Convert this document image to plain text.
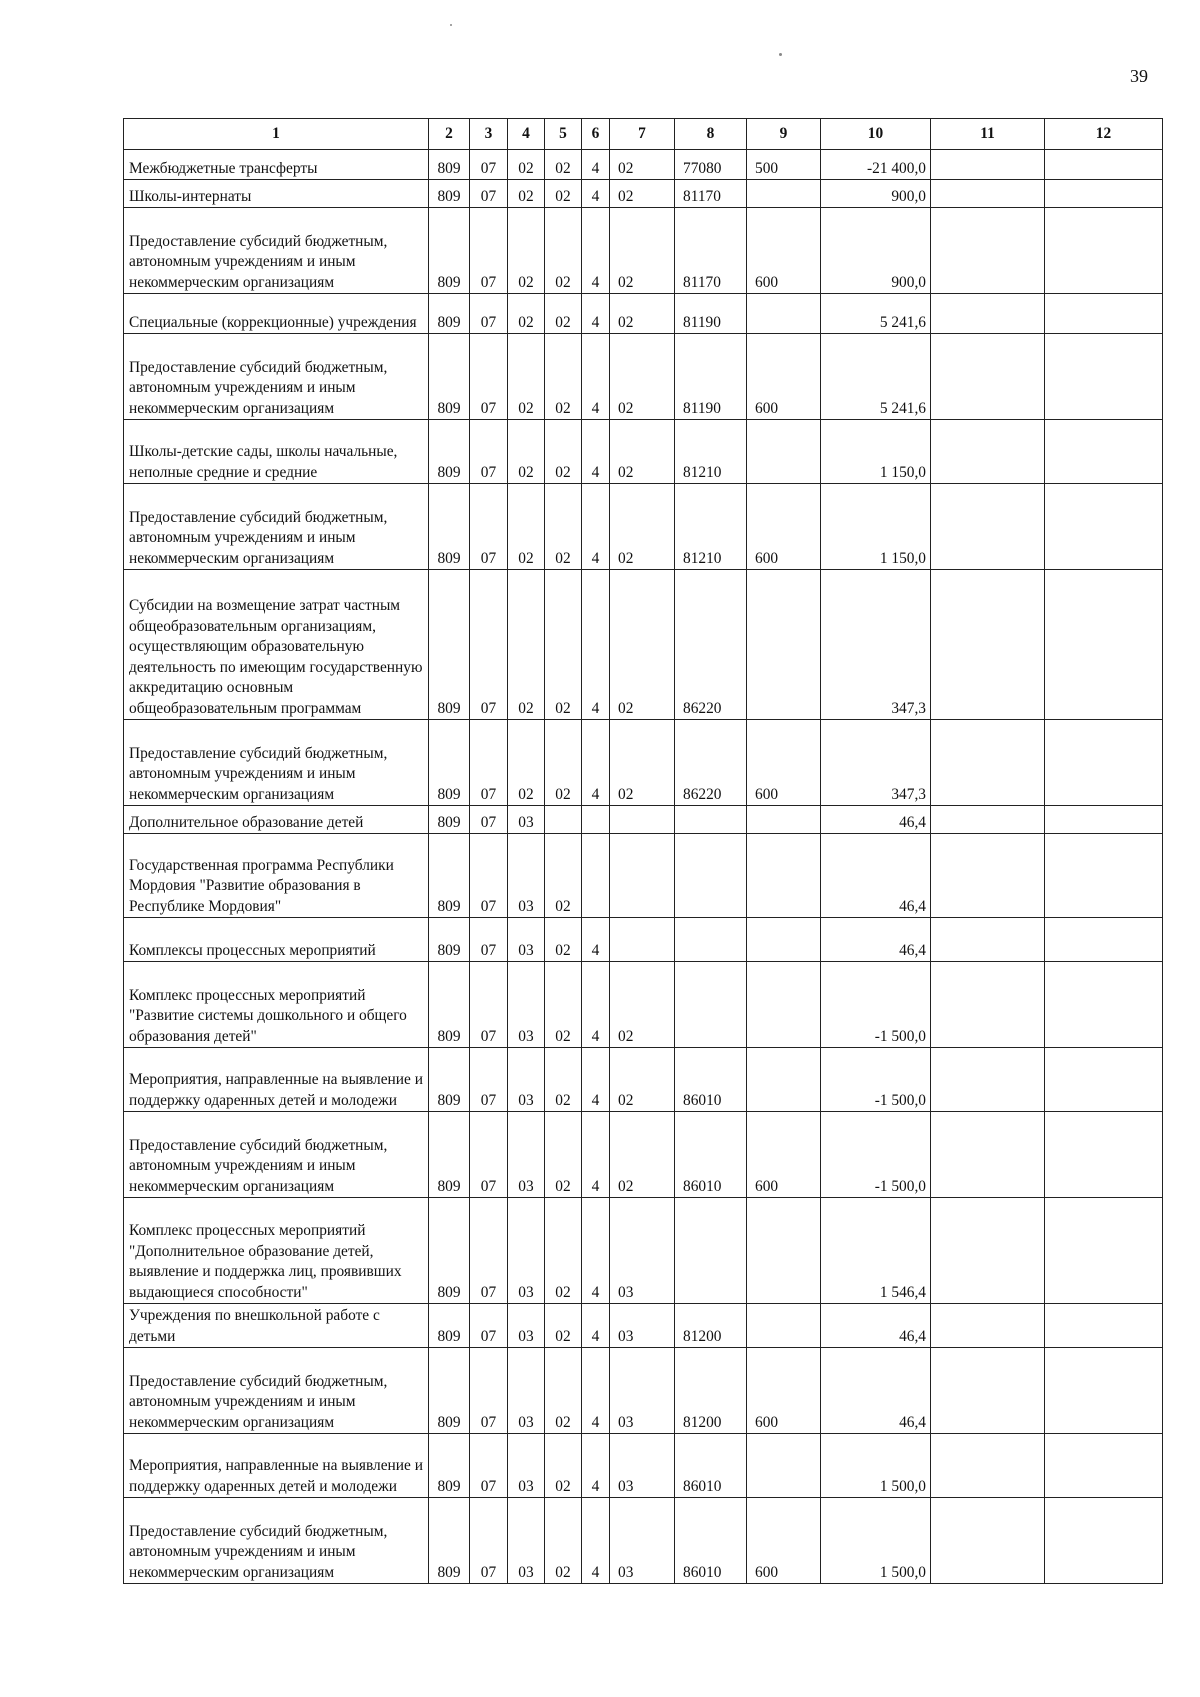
39
1	2	3	4	5	6	7	8	9	10	11	12
Межбюджетные трансферты	809	07	02	02	4	02	77080	500	-21 400,0		
Школы-интернаты	809	07	02	02	4	02	81170		900,0		
Предоставление субсидий бюджетным, автономным учреждениям и иным некоммерческим организациям	809	07	02	02	4	02	81170	600	900,0		
Специальные (коррекционные) учреждения	809	07	02	02	4	02	81190		5 241,6		
Предоставление субсидий бюджетным, автономным учреждениям и иным некоммерческим организациям	809	07	02	02	4	02	81190	600	5 241,6		
Школы-детские сады, школы начальные, неполные средние и средние	809	07	02	02	4	02	81210		1 150,0		
Предоставление субсидий бюджетным, автономным учреждениям и иным некоммерческим организациям	809	07	02	02	4	02	81210	600	1 150,0		
Субсидии на возмещение затрат частным общеобразовательным организациям, осуществляющим образовательную деятельность по имеющим государственную аккредитацию основным общеобразовательным программам	809	07	02	02	4	02	86220		347,3		
Предоставление субсидий бюджетным, автономным учреждениям и иным некоммерческим организациям	809	07	02	02	4	02	86220	600	347,3		
Дополнительное образование детей	809	07	03						46,4		
Государственная программа Республики Мордовия "Развитие образования в Республике Мордовия"	809	07	03	02					46,4		
Комплексы процессных мероприятий	809	07	03	02	4				46,4		
Комплекс процессных мероприятий "Развитие системы дошкольного и общего образования детей"	809	07	03	02	4	02			-1 500,0		
Мероприятия, направленные на выявление и поддержку одаренных детей и молодежи	809	07	03	02	4	02	86010		-1 500,0		
Предоставление субсидий бюджетным, автономным учреждениям и иным некоммерческим организациям	809	07	03	02	4	02	86010	600	-1 500,0		
Комплекс процессных мероприятий "Дополнительное образование детей, выявление и поддержка лиц, проявивших выдающиеся способности"	809	07	03	02	4	03			1 546,4		
Учреждения по внешкольной работе с детьми	809	07	03	02	4	03	81200		46,4		
Предоставление субсидий бюджетным, автономным учреждениям и иным некоммерческим организациям	809	07	03	02	4	03	81200	600	46,4		
Мероприятия, направленные на выявление и поддержку одаренных детей и молодежи	809	07	03	02	4	03	86010		1 500,0		
Предоставление субсидий бюджетным, автономным учреждениям и иным некоммерческим организациям	809	07	03	02	4	03	86010	600	1 500,0		
